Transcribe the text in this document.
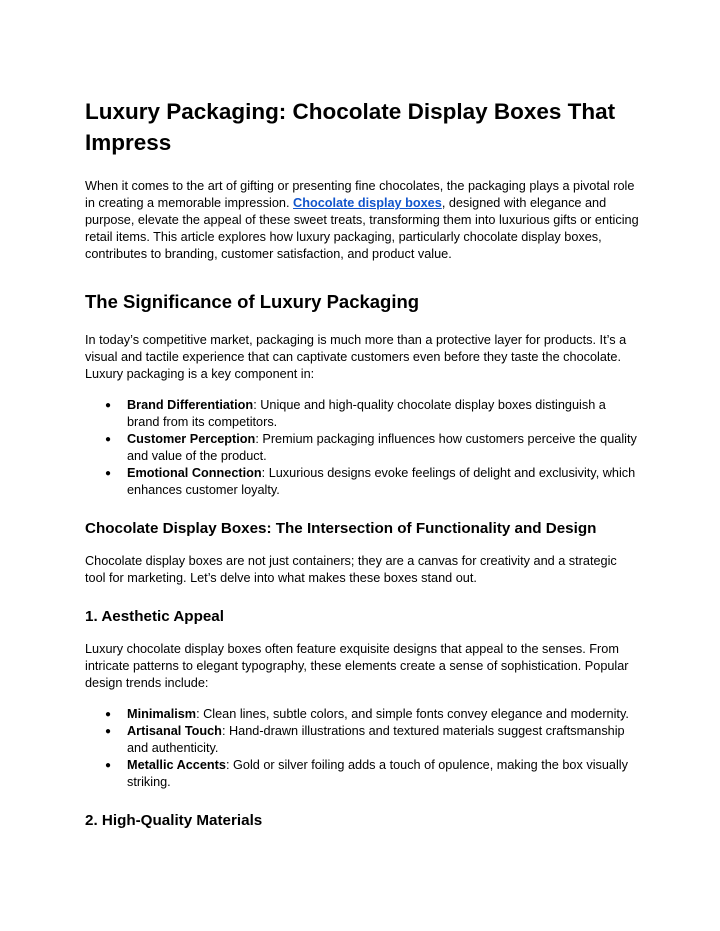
Luxury Packaging: Chocolate Display Boxes That Impress

When it comes to the art of gifting or presenting fine chocolates, the packaging plays a pivotal role in creating a memorable impression. Chocolate display boxes, designed with elegance and purpose, elevate the appeal of these sweet treats, transforming them into luxurious gifts or enticing retail items. This article explores how luxury packaging, particularly chocolate display boxes, contributes to branding, customer satisfaction, and product value.

The Significance of Luxury Packaging

In today’s competitive market, packaging is much more than a protective layer for products. It’s a visual and tactile experience that can captivate customers even before they taste the chocolate. Luxury packaging is a key component in:

● Brand Differentiation: Unique and high-quality chocolate display boxes distinguish a brand from its competitors.
● Customer Perception: Premium packaging influences how customers perceive the quality and value of the product.
● Emotional Connection: Luxurious designs evoke feelings of delight and exclusivity, which enhances customer loyalty.
Chocolate Display Boxes: The Intersection of Functionality and Design

Chocolate display boxes are not just containers; they are a canvas for creativity and a strategic tool for marketing. Let’s delve into what makes these boxes stand out.

1. Aesthetic Appeal

Luxury chocolate display boxes often feature exquisite designs that appeal to the senses. From intricate patterns to elegant typography, these elements create a sense of sophistication. Popular design trends include:

● Minimalism: Clean lines, subtle colors, and simple fonts convey elegance and modernity.
● Artisanal Touch: Hand-drawn illustrations and textured materials suggest craftsmanship and authenticity.
● Metallic Accents: Gold or silver foiling adds a touch of opulence, making the box visually striking.
2. High-Quality Materials
